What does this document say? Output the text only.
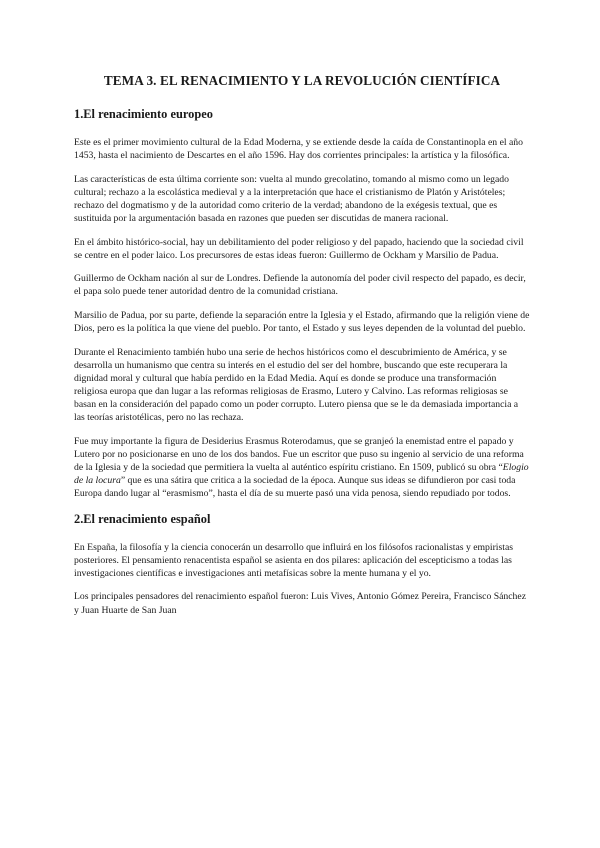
TEMA 3. EL RENACIMIENTO Y LA REVOLUCIÓN CIENTÍFICA
1.El renacimiento europeo

Este es el primer movimiento cultural de la Edad Moderna, y se extiende desde la caída de Constantinopla en el año 1453, hasta el nacimiento de Descartes en el año 1596. Hay dos corrientes principales: la artística y la filosófica.

Las características de esta última corriente son: vuelta al mundo grecolatino, tomando al mismo como un legado cultural; rechazo a la escolástica medieval y a la interpretación que hace el cristianismo de Platón y Aristóteles; rechazo del dogmatismo y de la autoridad como criterio de la verdad; abandono de la exégesis textual, que es sustituida por la argumentación basada en razones que pueden ser discutidas de manera racional.

En el ámbito histórico-social, hay un debilitamiento del poder religioso y del papado, haciendo que la sociedad civil se centre en el poder laico. Los precursores de estas ideas fueron: Guillermo de Ockham y Marsilio de Padua.

Guillermo de Ockham nación al sur de Londres. Defiende la autonomía del poder civil respecto del papado, es decir, el papa solo puede tener autoridad dentro de la comunidad cristiana.

Marsilio de Padua, por su parte, defiende la separación entre la Iglesia y el Estado, afirmando que la religión viene de Dios, pero es la política la que viene del pueblo. Por tanto, el Estado y sus leyes dependen de la voluntad del pueblo.

Durante el Renacimiento también hubo una serie de hechos históricos como el descubrimiento de América, y se desarrolla un humanismo que centra su interés en el estudio del ser del hombre, buscando que este recuperara la dignidad moral y cultural que había perdido en la Edad Media. Aquí es donde se produce una transformación religiosa europa que dan lugar a las reformas religiosas de Erasmo, Lutero y Calvino. Las reformas religiosas se basan en la consideración del papado como un poder corrupto. Lutero piensa que se le da demasiada importancia a las teorías aristotélicas, pero no las rechaza.

Fue muy importante la figura de Desiderius Erasmus Roterodamus, que se granjeó la enemistad entre el papado y Lutero por no posicionarse en uno de los dos bandos. Fue un escritor que puso su ingenio al servicio de una reforma de la Iglesia y de la sociedad que permitiera la vuelta al auténtico espíritu cristiano. En 1509, publicó su obra “Elogio de la locura” que es una sátira que critica a la sociedad de la época. Aunque sus ideas se difundieron por casi toda Europa dando lugar al “erasmismo”, hasta el día de su muerte pasó una vida penosa, siendo repudiado por todos.

2.El renacimiento español

En España, la filosofía y la ciencia conocerán un desarrollo que influirá en los filósofos racionalistas y empiristas posteriores. El pensamiento renacentista español se asienta en dos pilares: aplicación del escepticismo a todas las investigaciones científicas e investigaciones anti metafísicas sobre la mente humana y el yo.

Los principales pensadores del renacimiento español fueron: Luis Vives, Antonio Gómez Pereira, Francisco Sánchez y Juan Huarte de San Juan
